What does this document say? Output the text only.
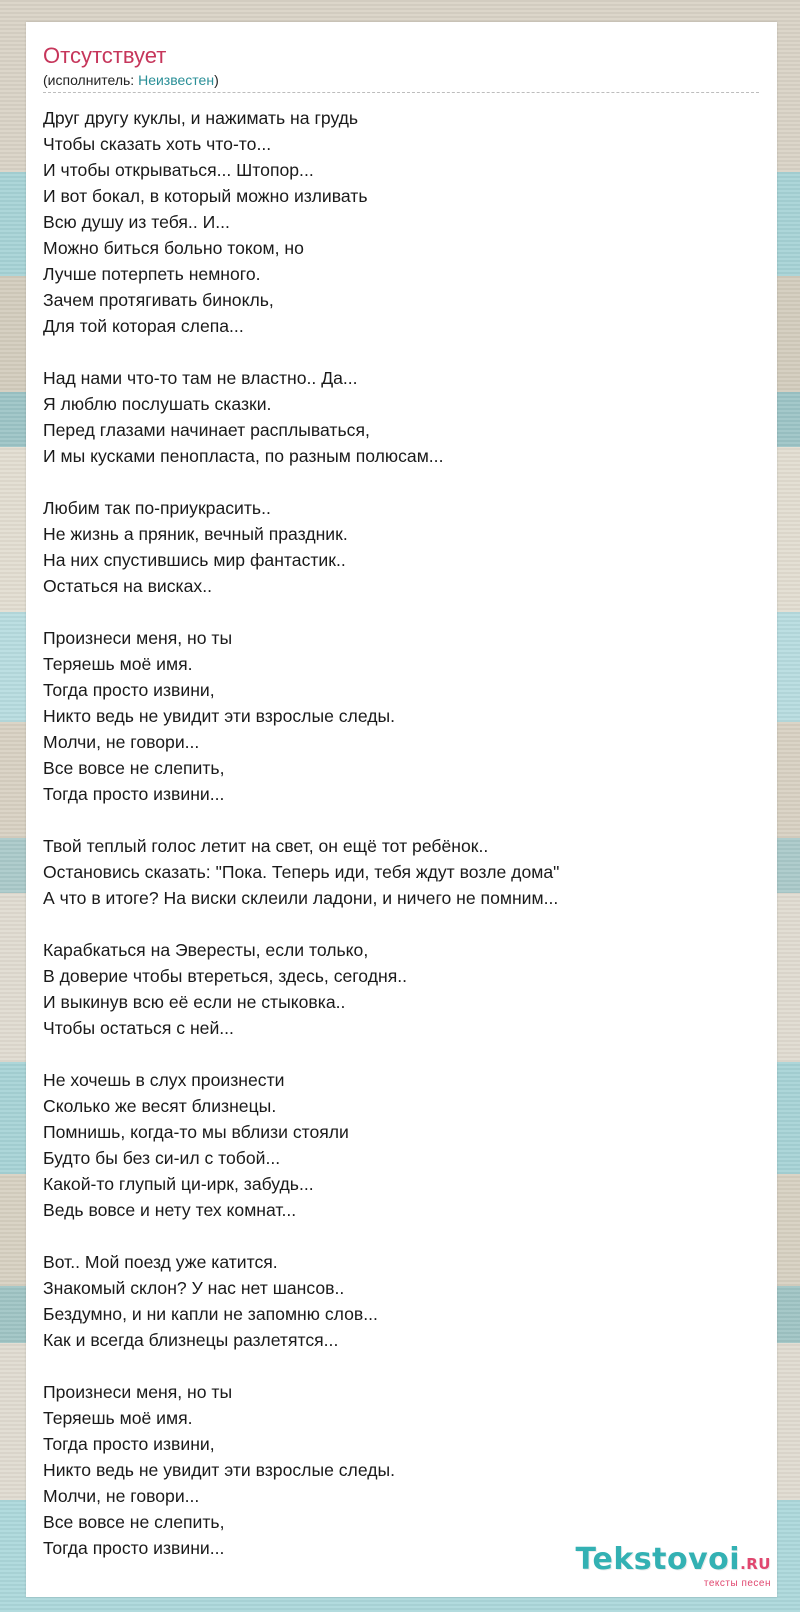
Отсутствует
(исполнитель: Неизвестен)
Друг другу куклы, и нажимать на грудь
Чтобы сказать хоть что-то...
И чтобы открываться... Штопор...
И вот бокал, в который можно изливать
Всю душу из тебя.. И...
Можно биться больно током, но
Лучше потерпеть немного.
Зачем протягивать бинокль,
Для той которая слепа...
Над нами что-то там не властно.. Да...
Я люблю послушать сказки.
Перед глазами начинает расплываться,
И мы кусками пенопласта, по разным полюсам...
Любим так по-приукрасить..
Не жизнь а пряник, вечный праздник.
На них спустившись мир фантастик..
Остаться на висках..
Произнеси меня, но ты
Теряешь моё имя.
Тогда просто извини,
Никто ведь не увидит эти взрослые следы.
Молчи, не говори...
Все вовсе не слепить,
Тогда просто извини...
Твой теплый голос летит на свет, он ещё тот ребёнок..
Остановись сказать: "Пока. Теперь иди, тебя ждут возле дома"
А что в итоге? На виски склеили ладони, и ничего не помним...
Карабкаться на Эвересты, если только,
В доверие чтобы втереться, здесь, сегодня..
И выкинув всю её если не стыковка..
Чтобы остаться с ней...
Не хочешь в слух произнести
Сколько же весят близнецы.
Помнишь, когда-то мы вблизи стояли
Будто бы без си-ил с тобой...
Какой-то глупый ци-ирк, забудь...
Ведь вовсе и нету тех комнат...
Вот.. Мой поезд уже катится.
Знакомый склон? У нас нет шансов..
Бездумно, и ни капли не запомню слов...
Как и всегда близнецы разлетятся...
Произнеси меня, но ты
Теряешь моё имя.
Тогда просто извини,
Никто ведь не увидит эти взрослые следы.
Молчи, не говори...
Все вовсе не слепить,
Тогда просто извини...	Tekstovoi.RU
тексты песен
